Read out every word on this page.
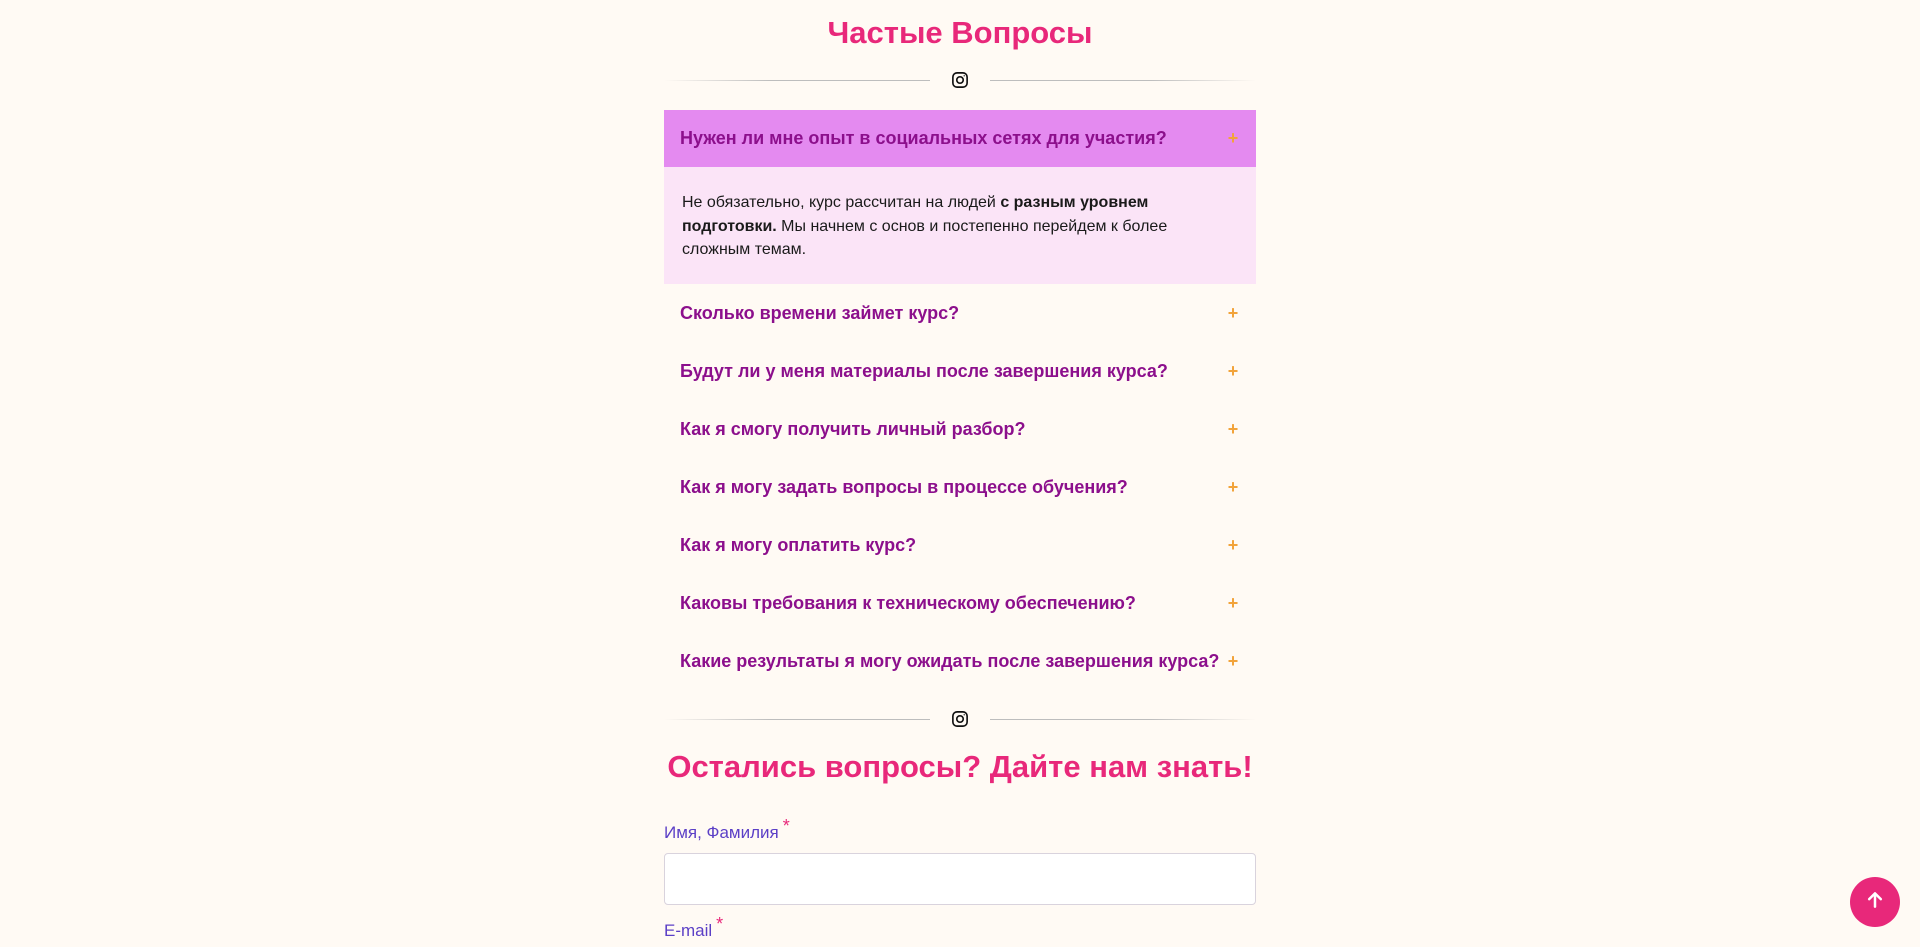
Частые Вопросы
Нужен ли мне опыт в социальных сетях для участия?	+

Не обязательно, курс рассчитан на людей с разным уровнем подготовки. Мы начнем с основ и постепенно перейдем к более сложным темам.

Сколько времени займет курс?	+
Будут ли у меня материалы после завершения курса?	+
Как я смогу получить личный разбор?	+
Как я могу задать вопросы в процессе обучения?	+
Как я могу оплатить курс?	+
Каковы требования к техническому обеспечению?	+
Какие результаты я могу ожидать после завершения курса? +
Остались вопросы? Дайте нам знать!
Имя, Фамилия *
E-mail *
